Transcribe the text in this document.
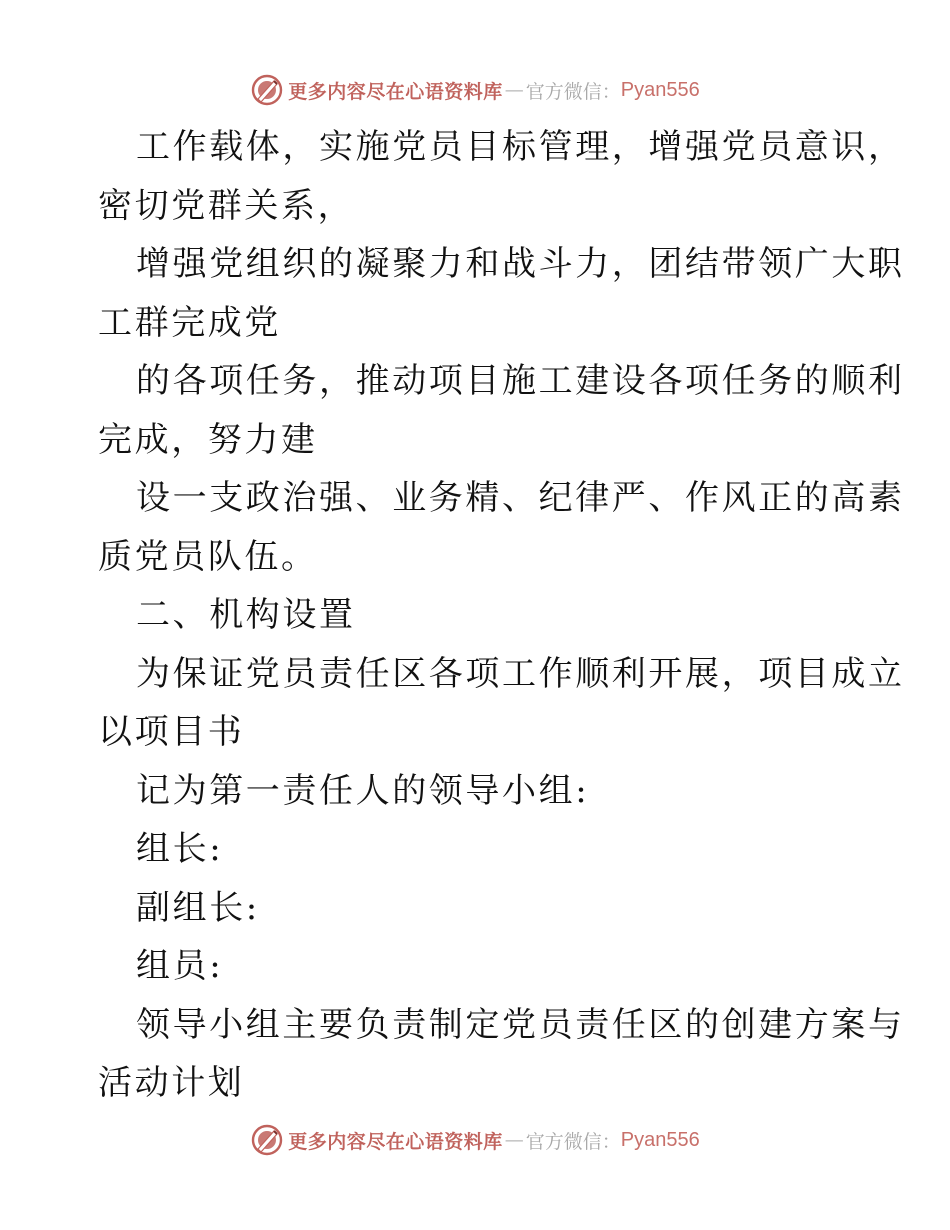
更多内容尽在心语资料库 — 官方微信： Pyan556

工作载体，实施党员目标管理，增强党员意识，

密切党群关系，

增强党组织的凝聚力和战斗力，团结带领广大职

工群完成党

的各项任务，推动项目施工建设各项任务的顺利

完成，努力建

设一支政治强、业务精、纪律严、作风正的高素

质党员队伍。

二、机构设置

为保证党员责任区各项工作顺利开展，项目成立

以项目书

记为第一责任人的领导小组:

组长:

副组长:

组员:

领导小组主要负责制定党员责任区的创建方案与

活动计划

更多内容尽在心语资料库 — 官方微信： Pyan556
